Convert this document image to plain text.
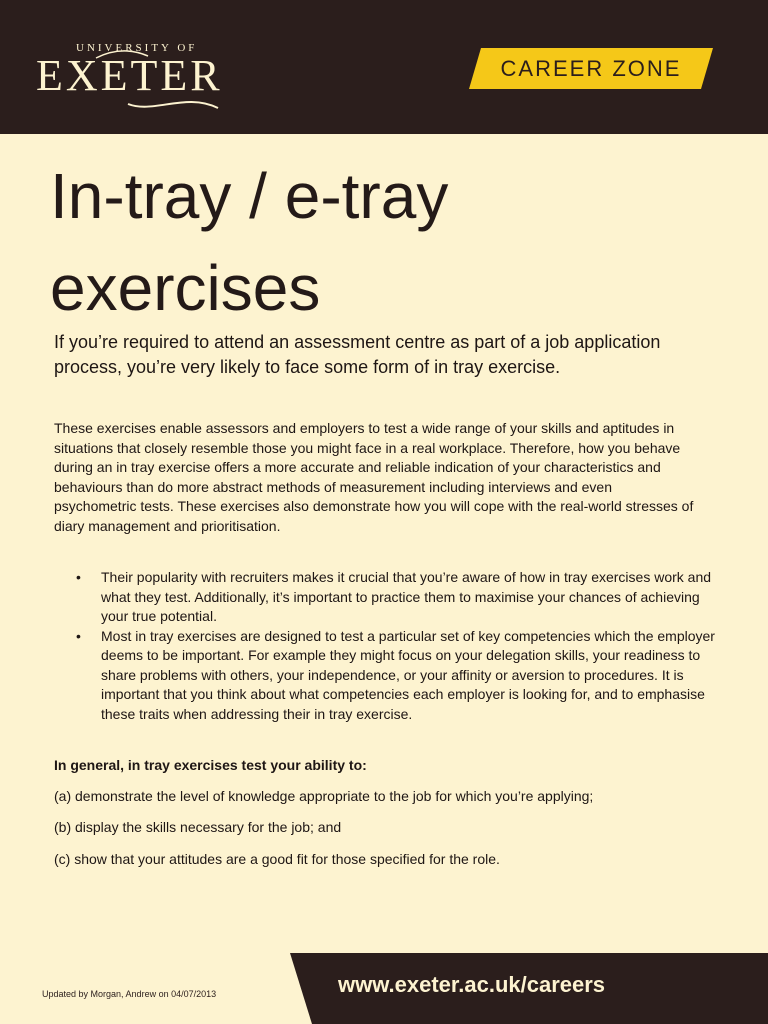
UNIVERSITY OF
EXETER	CAREER ZONE
In-tray / e-tray
exercises

If you’re required to attend an assessment centre as part of a job application process, you’re very likely to face some form of in tray exercise.

These exercises enable assessors and employers to test a wide range of your skills and aptitudes in situations that closely resemble those you might face in a real workplace. Therefore, how you behave during an in tray exercise offers a more accurate and reliable indication of your characteristics and behaviours than do more abstract methods of measurement including interviews and even psychometric tests. These exercises also demonstrate how you will cope with the real-world stresses of diary management and prioritisation.

• Their popularity with recruiters makes it crucial that you’re aware of how in tray exercises work and what they test. Additionally, it’s important to practice them to maximise your chances of achieving your true potential.
• Most in tray exercises are designed to test a particular set of key competencies which the employer deems to be important. For example they might focus on your delegation skills, your readiness to share problems with others, your independence, or your affinity or aversion to procedures. It is important that you think about what competencies each employer is looking for, and to emphasise these traits when addressing their in tray exercise.

In general, in tray exercises test your ability to:

(a) demonstrate the level of knowledge appropriate to the job for which you’re applying;

(b) display the skills necessary for the job; and

(c) show that your attitudes are a good fit for those specified for the role.

Updated by Morgan, Andrew on 04/07/2013	www.exeter.ac.uk/careers
